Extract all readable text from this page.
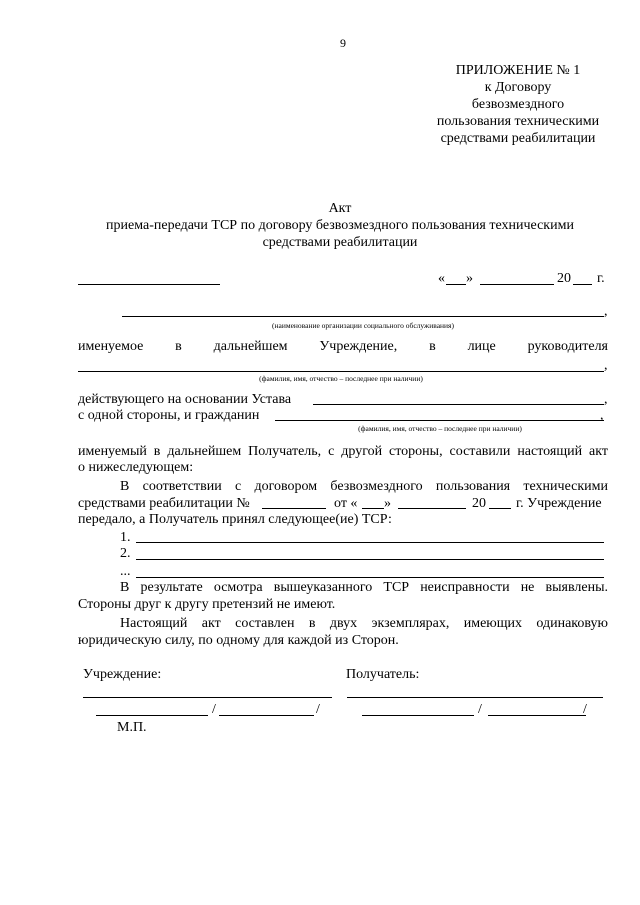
9
ПРИЛОЖЕНИЕ № 1
к Договору
безвозмездного
пользования техническими
средствами реабилитации
Акт
приема-передачи ТСР по договору безвозмездного пользования техническими
средствами реабилитации
« »	20 г.
,
(наименование организации социального обслуживания)
именуемое в дальнейшем Учреждение, в лице руководителя
,
(фамилия, имя, отчество – последнее при наличии)
действующего на основании Устава	,
с одной стороны, и гражданин	,
(фамилия, имя, отчество – последнее при наличии)
именуемый в дальнейшем Получатель, с другой стороны, составили настоящий акт
о нижеследующем:
В соответствии с договором безвозмездного пользования техническими
средствами реабилитации №	от « »	20 г. Учреждение
передало, а Получатель принял следующее(ие) ТСР:
1.
2.
...
В результате осмотра вышеуказанного ТСР неисправности не выявлены.
Стороны друг к другу претензий не имеют.
Настоящий акт составлен в двух экземплярах, имеющих одинаковую
юридическую силу, по одному для каждой из Сторон.
Учреждение:	Получатель:
/	/	/	/
М.П.
